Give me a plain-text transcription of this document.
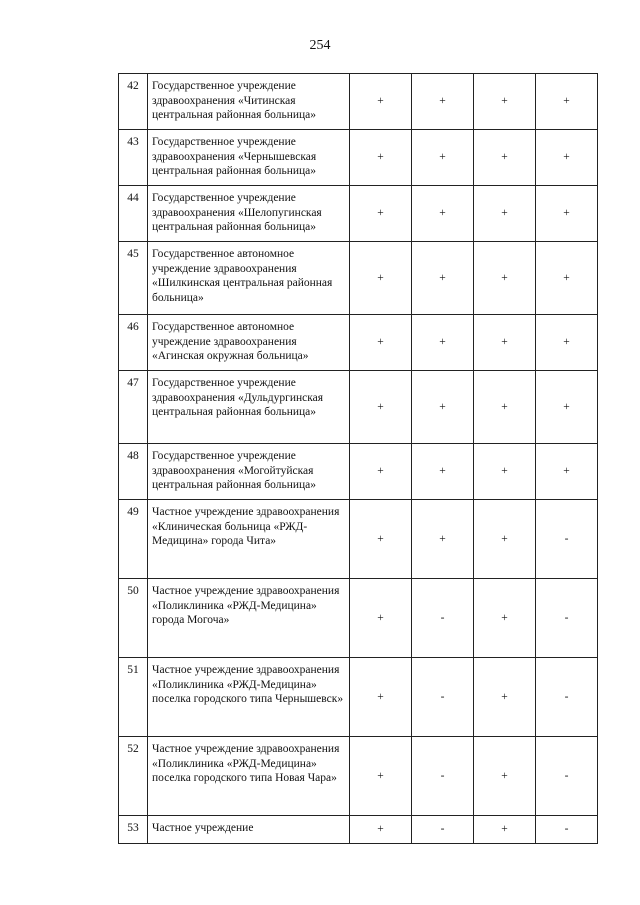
254
42	Государственное учреждение здравоохранения «Читинская центральная районная больница»	+	+	+	+
43	Государственное учреждение здравоохранения «Чернышевская центральная районная больница»	+	+	+	+
44	Государственное учреждение здравоохранения «Шелопугинская центральная районная больница»	+	+	+	+
45	Государственное автономное учреждение здравоохранения «Шилкинская центральная районная больница»	+	+	+	+
46	Государственное автономное учреждение здравоохранения «Агинская окружная больница»	+	+	+	+
47	Государственное учреждение здравоохранения «Дульдургинская центральная районная больница»	+	+	+	+
48	Государственное учреждение здравоохранения «Могойтуйская центральная районная больница»	+	+	+	+
49	Частное учреждение здравоохранения «Клиническая больница «РЖД-Медицина» города Чита»	+	+	+	-
50	Частное учреждение здравоохранения «Поликлиника «РЖД-Медицина» города Могоча»	+	-	+	-
51	Частное учреждение здравоохранения «Поликлиника «РЖД-Медицина» поселка городского типа Чернышевск»	+	-	+	-
52	Частное учреждение здравоохранения «Поликлиника «РЖД-Медицина» поселка городского типа Новая Чара»	+	-	+	-
53	Частное учреждение	+	-	+	-
